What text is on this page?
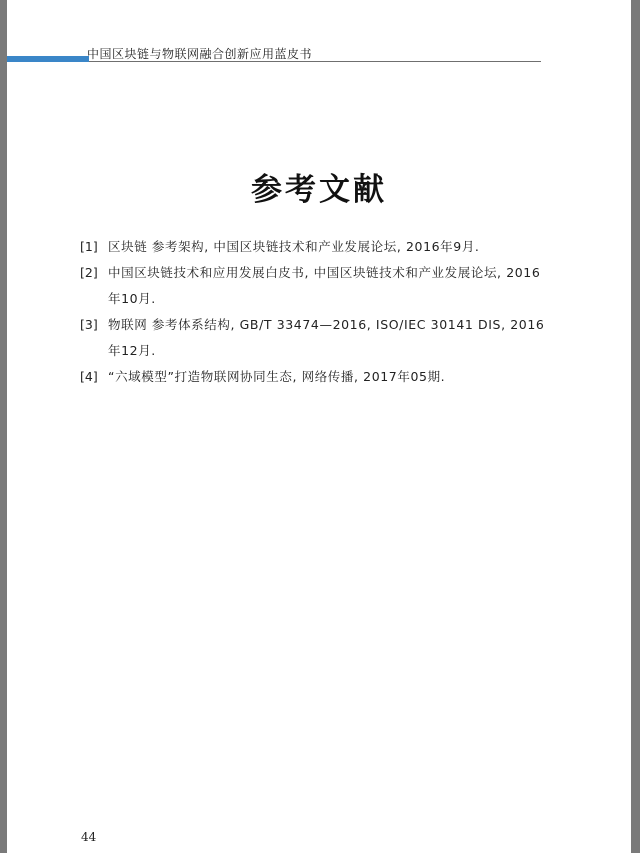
中国区块链与物联网融合创新应用蓝皮书
参考文献
[1] 区块链 参考架构, 中国区块链技术和产业发展论坛, 2016年9月.
[2] 中国区块链技术和应用发展白皮书, 中国区块链技术和产业发展论坛, 2016年10月.
[3] 物联网 参考体系结构, GB/T 33474—2016, ISO/IEC 30141 DIS, 2016年12月.
[4] “六域模型”打造物联网协同生态, 网络传播, 2017年05期.
44
